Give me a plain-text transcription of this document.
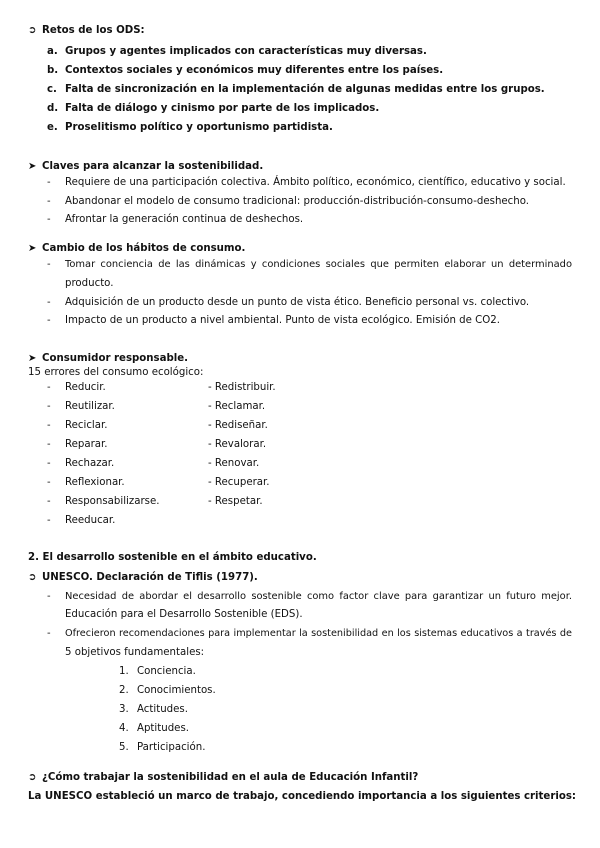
➲ Retos de los ODS:
a. Grupos y agentes implicados con características muy diversas.
b. Contextos sociales y económicos muy diferentes entre los países.
c. Falta de sincronización en la implementación de algunas medidas entre los grupos.
d. Falta de diálogo y cinismo por parte de los implicados.
e. Proselitismo político y oportunismo partidista.
➤ Claves para alcanzar la sostenibilidad.
- Requiere de una participación colectiva. Ámbito político, económico, científico, educativo y social.
- Abandonar el modelo de consumo tradicional: producción-distribución-consumo-deshecho.
- Afrontar la generación continua de deshechos.
➤ Cambio de los hábitos de consumo.
- Tomar conciencia de las dinámicas y condiciones sociales que permiten elaborar un determinado
producto.
- Adquisición de un producto desde un punto de vista ético. Beneficio personal vs. colectivo.
- Impacto de un producto a nivel ambiental. Punto de vista ecológico. Emisión de CO2.
➤ Consumidor responsable.
15 errores del consumo ecológico:
- Reducir.
- Reutilizar.
- Reciclar.
- Reparar.
- Rechazar.
- Reflexionar.
- Responsabilizarse.
- Reeducar.
- Redistribuir.
- Reclamar.
- Rediseñar.
- Revalorar.
- Renovar.
- Recuperar.
- Respetar.
2. El desarrollo sostenible en el ámbito educativo.
➲ UNESCO. Declaración de Tiflis (1977).
- Necesidad de abordar el desarrollo sostenible como factor clave para garantizar un futuro mejor.
Educación para el Desarrollo Sostenible (EDS).
- Ofrecieron recomendaciones para implementar la sostenibilidad en los sistemas educativos a través de
5 objetivos fundamentales:
1. Conciencia.
2. Conocimientos.
3. Actitudes.
4. Aptitudes.
5. Participación.
➲ ¿Cómo trabajar la sostenibilidad en el aula de Educación Infantil?
La UNESCO estableció un marco de trabajo, concediendo importancia a los siguientes criterios:
